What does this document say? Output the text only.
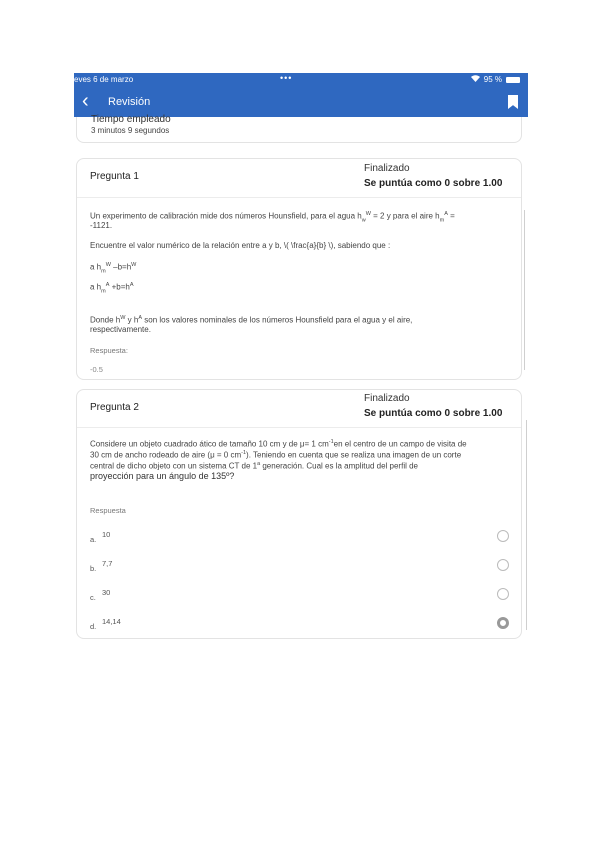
eves 6 de marzo	•••	95 %
‹ Revisión
Tiempo empleado
3 minutos 9 segundos
Pregunta 1
Finalizado
Se puntúa como 0 sobre 1.00
Un experimento de calibración mide dos números Hounsfield, para el agua $h_w^W = 2$ y para el aire $h_m^A$ =
-1121.
Encuentre el valor numérico de la relación entre a y b, \( \frac{a}{b} \), sabiendo que :
a $h_m^W$ $-b=h^W$
a $h_m^A +b=h^A$
Donde $h^W$ y $h^A$ son los valores nominales de los números Hounsfield para el agua y el aire,
respectivamente.
Respuesta:
-0.5
Pregunta 2
Finalizado
Se puntúa como 0 sobre 1.00
Considere un objeto cuadrado ático de tamaño 10 cm y de μ= 1 $cm^{-1}en$ el centro de un campo de visita de
30 cm de ancho rodeado de aire (μ = 0 $cm^{-1}$). Teniendo en cuenta que se realiza una imagen de un corte
central de dicho objeto con un sistema CT de 1$^a$ generación. Cual es la amplitud del perfil de
proyección para un ángulo de 135º?
Respuesta
a.
10
b.
7,7
c.
30
d.
14,14
